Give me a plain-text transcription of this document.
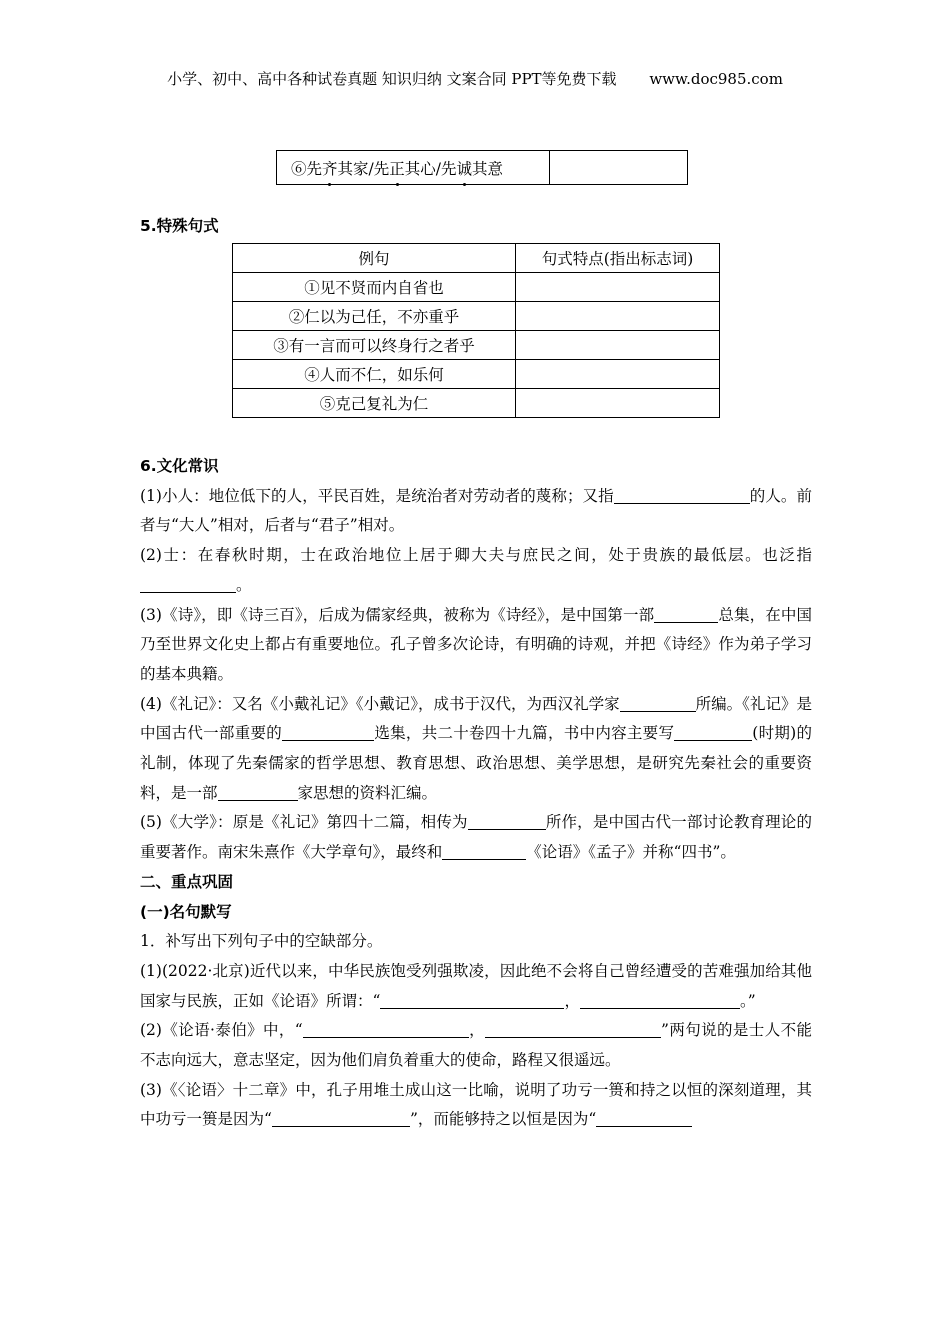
小学、初中、高中各种试卷真题 知识归纳 文案合同 PPT等免费下载 www.doc985.com
⑥先齐其家/先正其心/先诚其意	
5.特殊句式
例句	句式特点(指出标志词)
①见不贤而内自省也	
②仁以为己任，不亦重乎	
③有一言而可以终身行之者乎	
④人而不仁，如乐何	
⑤克己复礼为仁	

6.文化常识

(1)小人：地位低下的人，平民百姓，是统治者对劳动者的蔑称；又指	的人。前者与“大人”相对，后者与“君子”相对。

(2)士：在春秋时期，士在政治地位上居于卿大夫与庶民之间，处于贵族的最低层。也泛指。

(3)《诗》，即《诗三百》，后成为儒家经典，被称为《诗经》，是中国第一部	总集，在中国乃至世界文化史上都占有重要地位。孔子曾多次论诗，有明确的诗观，并把《诗经》作为弟子学习的基本典籍。

(4)《礼记》：又名《小戴礼记》《小戴记》，成书于汉代，为西汉礼学家	所编。《礼记》是中国古代一部重要的	选集，共二十卷四十九篇，书中内容主要写	(时期)的礼制，体现了先秦儒家的哲学思想、教育思想、政治思想、美学思想，是研究先秦社会的重要资料，是一部	家思想的资料汇编。

(5)《大学》：原是《礼记》第四十二篇，相传为	所作，是中国古代一部讨论教育理论的重要著作。南宋朱熹作《大学章句》，最终和	《论语》《孟子》并称“四书”。

二、重点巩固

(一)名句默写

1．补写出下列句子中的空缺部分。

(1)(2022·北京)近代以来，中华民族饱受列强欺凌，因此绝不会将自己曾经遭受的苦难强加给其他国家与民族，正如《论语》所谓：“	，	。”

(2)《论语·泰伯》中，“	，	”两句说的是士人不能不志向远大，意志坚定，因为他们肩负着重大的使命，路程又很遥远。

(3)《〈论语〉十二章》中，孔子用堆土成山这一比喻，说明了功亏一篑和持之以恒的深刻道理，其中功亏一篑是因为“	”，而能够持之以恒是因为“
